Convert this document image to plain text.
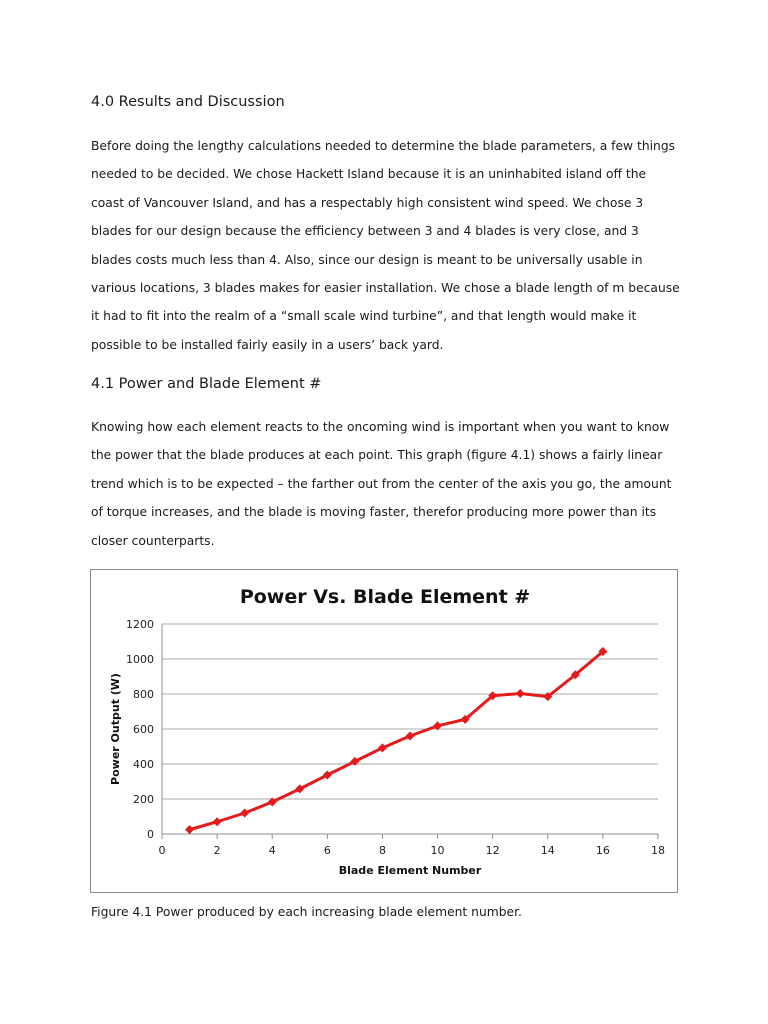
4.0 Results and Discussion

Before doing the lengthy calculations needed to determine the blade parameters, a few things needed to be decided. We chose Hackett Island because it is an uninhabited island off the coast of Vancouver Island, and has a respectably high consistent wind speed. We chose 3 blades for our design because the efficiency between 3 and 4 blades is very close, and 3 blades costs much less than 4. Also, since our design is meant to be universally usable in various locations, 3 blades makes for easier installation. We chose a blade length of m because it had to fit into the realm of a “small scale wind turbine”, and that length would make it possible to be installed fairly easily in a users’ back yard.

4.1 Power and Blade Element #

Knowing how each element reacts to the oncoming wind is important when you want to know the power that the blade produces at each point. This graph (figure 4.1) shows a fairly linear trend which is to be expected – the farther out from the center of the axis you go, the amount of torque increases, and the blade is moving faster, therefor producing more power than its closer counterparts.

0
200
400
600
800
1000
1200
0	2	4	6	8	10	12	14	16	18
Power Vs. Blade Element #
Blade Element Number
Power Output (W)

Figure 4.1 Power produced by each increasing blade element number.
